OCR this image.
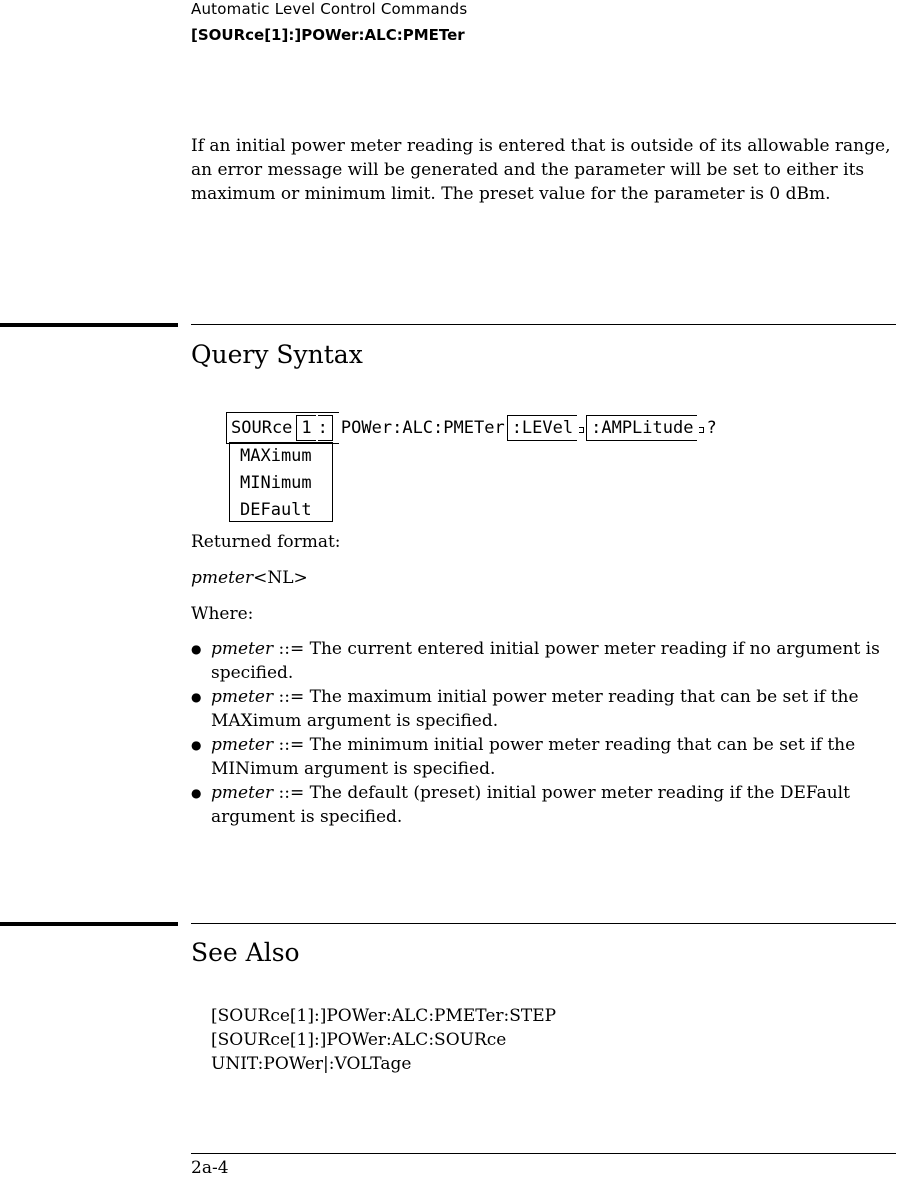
Automatic Level Control Commands
[SOURce[1]:]POWer:ALC:PMETer

If an initial power meter reading is entered that is outside of its allowable range, an error message will be generated and the parameter will be set to either its maximum or minimum limit. The preset value for the parameter is 0 dBm.

Query Syntax
SOURce 1 : POWer:ALC:PMETer :LEVel :AMPLitude ?
MAXimum
MINimum
DEFault

Returned format:

pmeter<NL>

Where:

● pmeter ::= The current entered initial power meter reading if no argument is specified.
● pmeter ::= The maximum initial power meter reading that can be set if the MAXimum argument is specified.
● pmeter ::= The minimum initial power meter reading that can be set if the MINimum argument is specified.
● pmeter ::= The default (preset) initial power meter reading if the DEFault argument is specified.
See Also
[SOURce[1]:]POWer:ALC:PMETer:STEP
[SOURce[1]:]POWer:ALC:SOURce
UNIT:POWer|:VOLTage
2a-4
